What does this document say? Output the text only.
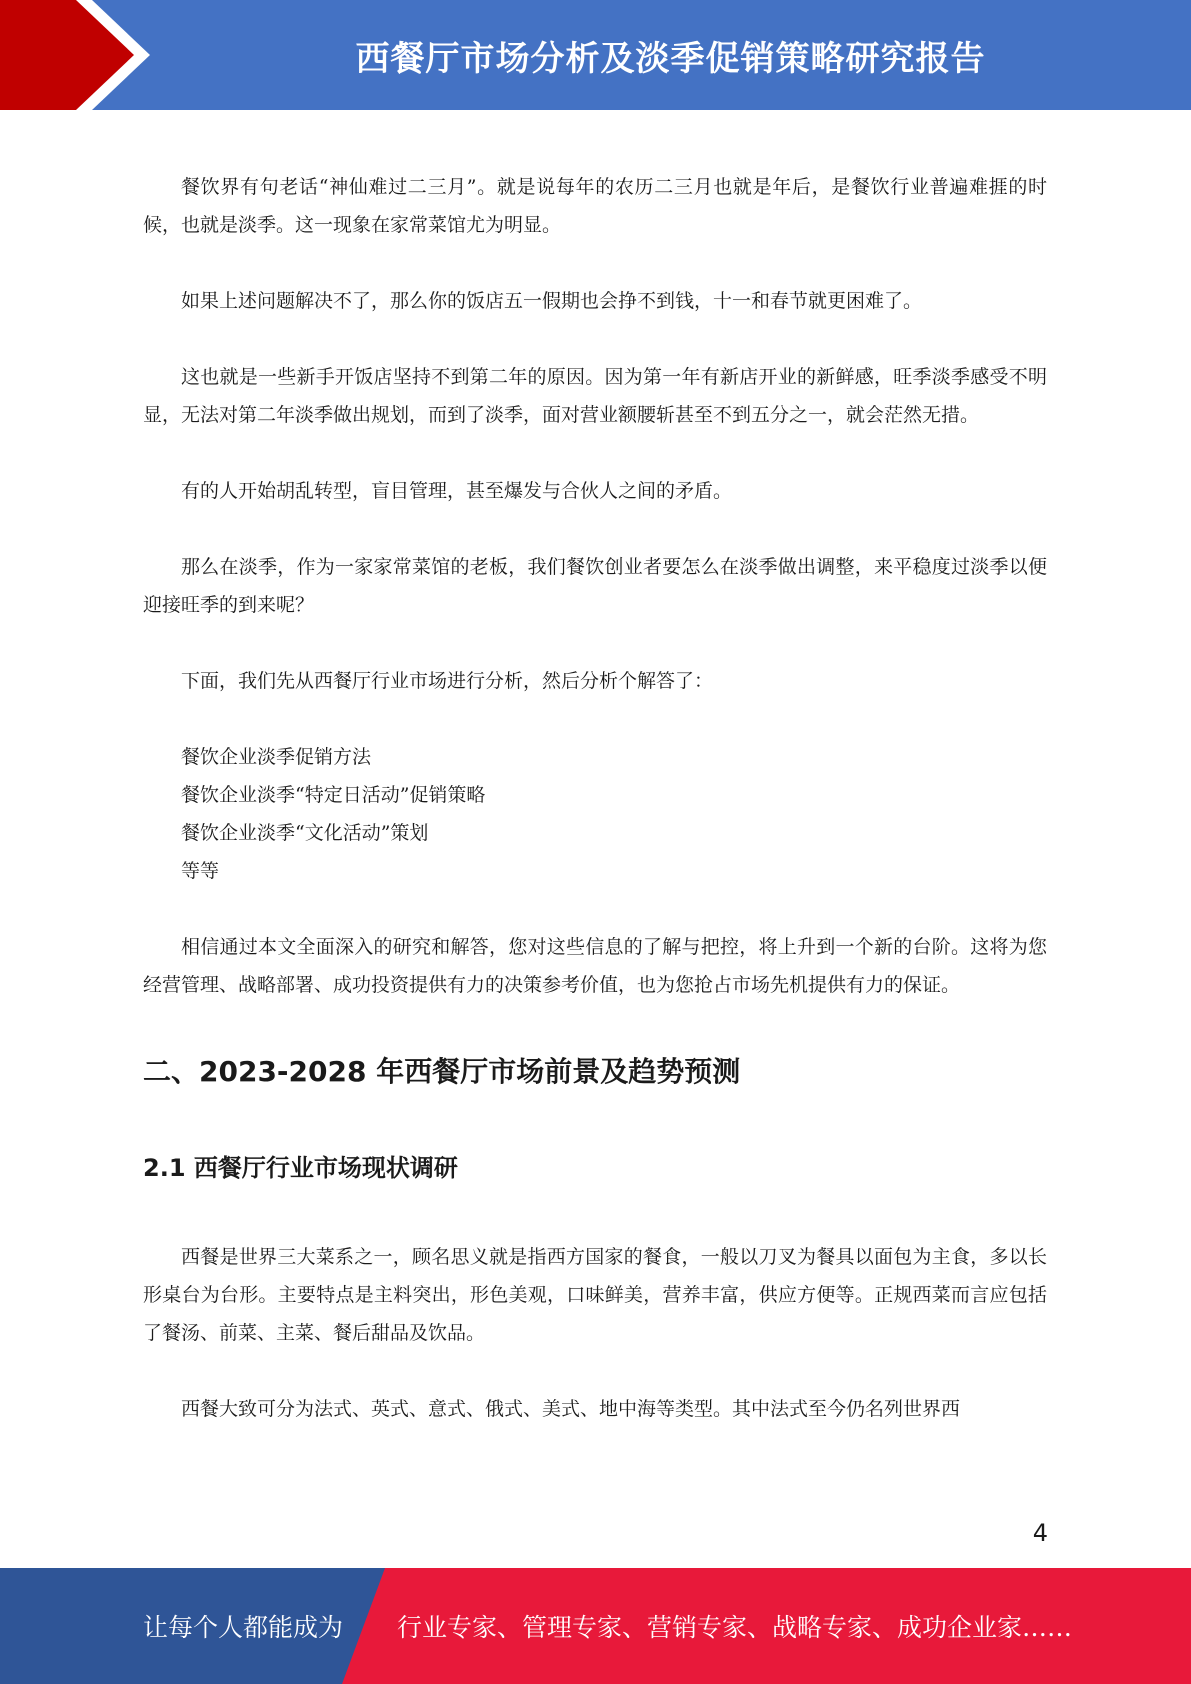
西餐厅市场分析及淡季促销策略研究报告

餐饮界有句老话“神仙难过二三月”。就是说每年的农历二三月也就是年后，是餐饮行业普遍难捱的时候，也就是淡季。这一现象在家常菜馆尤为明显。

如果上述问题解决不了，那么你的饭店五一假期也会挣不到钱，十一和春节就更困难了。

这也就是一些新手开饭店坚持不到第二年的原因。因为第一年有新店开业的新鲜感，旺季淡季感受不明显，无法对第二年淡季做出规划，而到了淡季，面对营业额腰斩甚至不到五分之一，就会茫然无措。

有的人开始胡乱转型，盲目管理，甚至爆发与合伙人之间的矛盾。

那么在淡季，作为一家家常菜馆的老板，我们餐饮创业者要怎么在淡季做出调整，来平稳度过淡季以便迎接旺季的到来呢？

下面，我们先从西餐厅行业市场进行分析，然后分析个解答了：

餐饮企业淡季促销方法
餐饮企业淡季“特定日活动”促销策略
餐饮企业淡季“文化活动”策划
等等

相信通过本文全面深入的研究和解答，您对这些信息的了解与把控，将上升到一个新的台阶。这将为您经营管理、战略部署、成功投资提供有力的决策参考价值，也为您抢占市场先机提供有力的保证。

二、2023-2028 年西餐厅市场前景及趋势预测
2.1 西餐厅行业市场现状调研

西餐是世界三大菜系之一，顾名思义就是指西方国家的餐食，一般以刀叉为餐具以面包为主食，多以长形桌台为台形。主要特点是主料突出，形色美观，口味鲜美，营养丰富，供应方便等。正规西菜而言应包括了餐汤、前菜、主菜、餐后甜品及饮品。

西餐大致可分为法式、英式、意式、俄式、美式、地中海等类型。其中法式至今仍名列世界西

4
让每个人都能成为 行业专家、管理专家、营销专家、战略专家、成功企业家……
